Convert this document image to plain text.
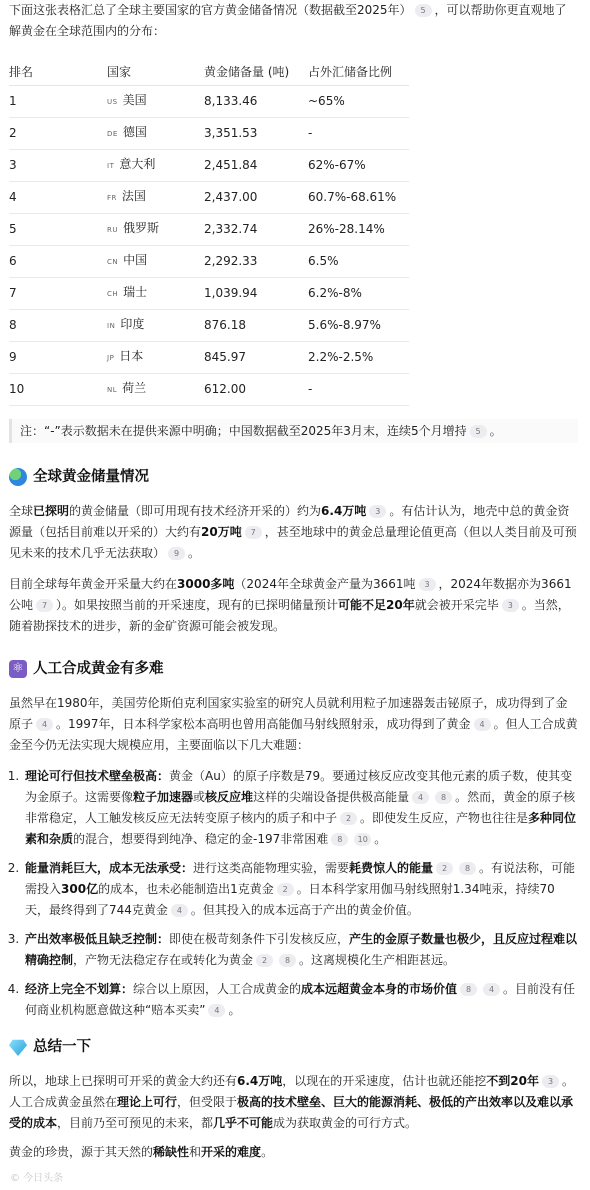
下面这张表格汇总了全球主要国家的官方黄金储备情况（数据截至2025年） 5 ，可以帮助你更直观地了解黄金在全球范围内的分布：

排名	国家	黄金储备量 (吨)	占外汇储备比例
1	US 美国	8,133.46	~65%
2	DE 德国	3,351.53	-
3	IT 意大利	2,451.84	62%-67%
4	FR 法国	2,437.00	60.7%-68.61%
5	RU 俄罗斯	2,332.74	26%-28.14%
6	CN 中国	2,292.33	6.5%
7	CH 瑞士	1,039.94	6.2%-8%
8	IN 印度	876.18	5.6%-8.97%
9	JP 日本	845.97	2.2%-2.5%
10	NL 荷兰	612.00	-
注：“-”表示数据未在提供来源中明确；中国数据截至2025年3月末，连续5个月增持 5 。
全球黄金储量情况

全球已探明的黄金储量（即可用现有技术经济开采的）约为6.4万吨 3 。有估计认为，地壳中总的黄金资源量（包括目前难以开采的）大约有20万吨 7 ，甚至地球中的黄金总量理论值更高（但以人类目前及可预见未来的技术几乎无法获取） 9 。

目前全球每年黄金开采量大约在3000多吨（2024年全球黄金产量为3661吨 3 ，2024年数据亦为3661公吨 7 ）。如果按照当前的开采速度，现有的已探明储量预计可能不足20年就会被开采完毕 3 。当然，随着勘探技术的进步，新的金矿资源可能会被发现。

⚛
人工合成黄金有多难

虽然早在1980年，美国劳伦斯伯克利国家实验室的研究人员就利用粒子加速器轰击铋原子，成功得到了金原子 4 。1997年，日本科学家松本高明也曾用高能伽马射线照射汞，成功得到了黄金 4 。但人工合成黄金至今仍无法实现大规模应用，主要面临以下几大难题：

1. 理论可行但技术壁垒极高：黄金（Au）的原子序数是79。要通过核反应改变其他元素的质子数，使其变为金原子。这需要像粒子加速器或核反应堆这样的尖端设备提供极高能量 4 8 。然而，黄金的原子核非常稳定，人工触发核反应无法转变原子核内的质子和中子 2 。即使发生反应，产物也往往是多种同位素和杂质的混合，想要得到纯净、稳定的金-197非常困难 8 10 。
2. 能量消耗巨大，成本无法承受：进行这类高能物理实验，需要耗费惊人的能量 2 8 。有说法称，可能需投入300亿的成本，也未必能制造出1克黄金 2 。日本科学家用伽马射线照射1.34吨汞，持续70天，最终得到了744克黄金 4 。但其投入的成本远高于产出的黄金价值。
3. 产出效率极低且缺乏控制：即使在极苛刻条件下引发核反应，产生的金原子数量也极少，且反应过程难以精确控制，产物无法稳定存在或转化为黄金 2 8 。这离规模化生产相距甚远。
4. 经济上完全不划算：综合以上原因，人工合成黄金的成本远超黄金本身的市场价值 8 4 。目前没有任何商业机构愿意做这种“赔本买卖” 4 。
总结一下

所以，地球上已探明可开采的黄金大约还有6.4万吨，以现在的开采速度，估计也就还能挖不到20年 3 。人工合成黄金虽然在理论上可行，但受限于极高的技术壁垒、巨大的能源消耗、极低的产出效率以及难以承受的成本，目前乃至可预见的未来，都几乎不可能成为获取黄金的可行方式。

黄金的珍贵，源于其天然的稀缺性和开采的难度。

© 今日头条
